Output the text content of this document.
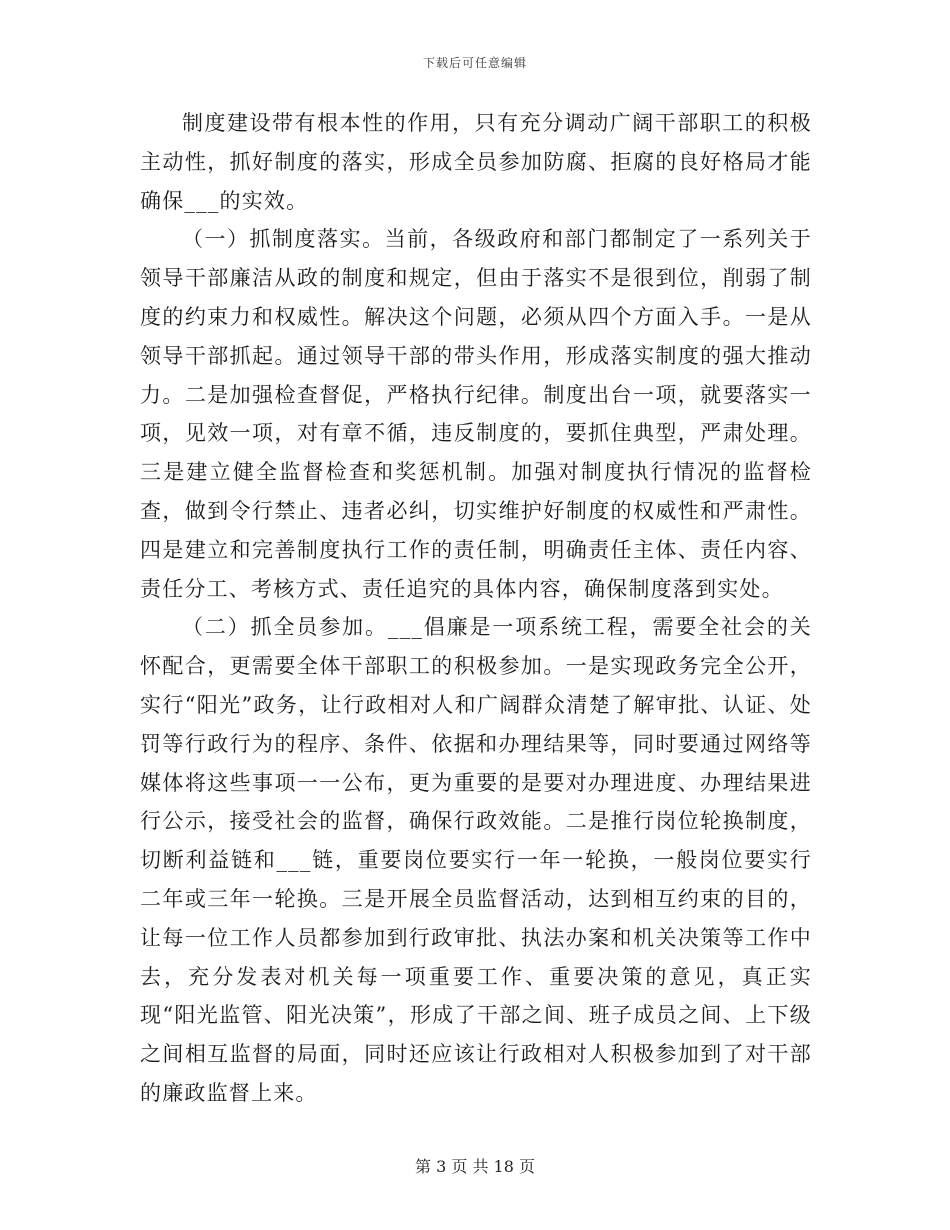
下载后可任意编辑

制度建设带有根本性的作用，只有充分调动广阔干部职工的积极主动性，抓好制度的落实，形成全员参加防腐、拒腐的良好格局才能确保___的实效。

（一）抓制度落实。当前，各级政府和部门都制定了一系列关于领导干部廉洁从政的制度和规定，但由于落实不是很到位，削弱了制度的约束力和权威性。解决这个问题，必须从四个方面入手。一是从领导干部抓起。通过领导干部的带头作用，形成落实制度的强大推动力。二是加强检查督促，严格执行纪律。制度出台一项，就要落实一项，见效一项，对有章不循，违反制度的，要抓住典型，严肃处理。三是建立健全监督检查和奖惩机制。加强对制度执行情况的监督检查，做到令行禁止、违者必纠，切实维护好制度的权威性和严肃性。四是建立和完善制度执行工作的责任制，明确责任主体、责任内容、责任分工、考核方式、责任追究的具体内容，确保制度落到实处。

（二）抓全员参加。___倡廉是一项系统工程，需要全社会的关怀配合，更需要全体干部职工的积极参加。一是实现政务完全公开，实行“阳光”政务，让行政相对人和广阔群众清楚了解审批、认证、处罚等行政行为的程序、条件、依据和办理结果等，同时要通过网络等媒体将这些事项一一公布，更为重要的是要对办理进度、办理结果进行公示，接受社会的监督，确保行政效能。二是推行岗位轮换制度，切断利益链和___链，重要岗位要实行一年一轮换，一般岗位要实行二年或三年一轮换。三是开展全员监督活动，达到相互约束的目的，让每一位工作人员都参加到行政审批、执法办案和机关决策等工作中去，充分发表对机关每一项重要工作、重要决策的意见，真正实现“阳光监管、阳光决策”，形成了干部之间、班子成员之间、上下级之间相互监督的局面，同时还应该让行政相对人积极参加到了对干部的廉政监督上来。

第 3 页 共 18 页
